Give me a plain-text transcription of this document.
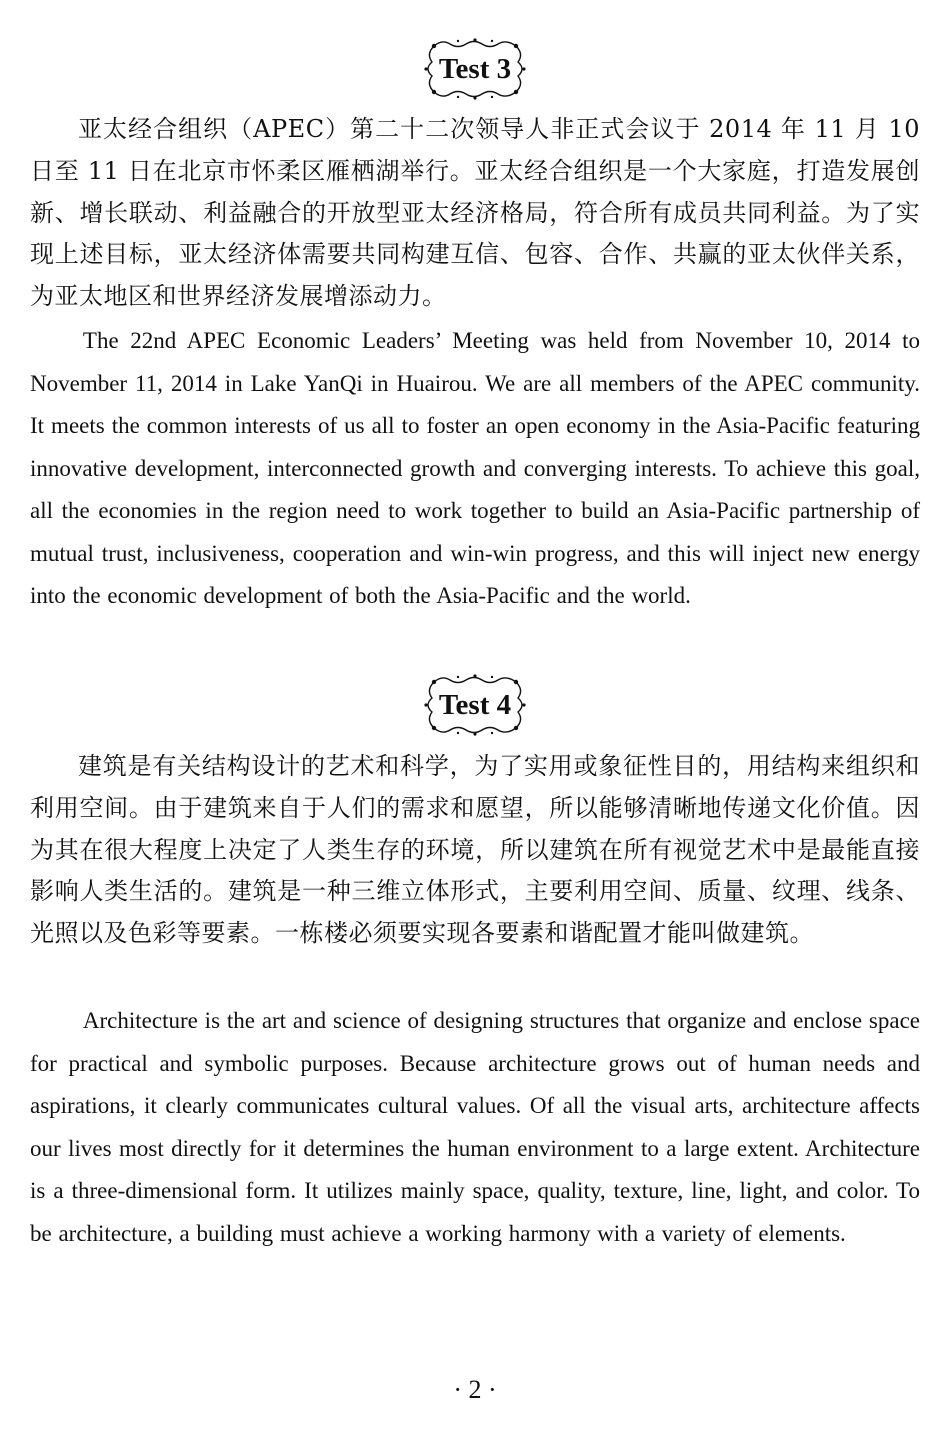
Test 3

亚太经合组织（APEC）第二十二次领导人非正式会议于 2014 年 11 月 10 日至 11 日在北京市怀柔区雁栖湖举行。亚太经合组织是一个大家庭，打造发展创新、增长联动、利益融合的开放型亚太经济格局，符合所有成员共同利益。为了实现上述目标，亚太经济体需要共同构建互信、包容、合作、共赢的亚太伙伴关系，为亚太地区和世界经济发展增添动力。

The 22nd APEC Economic Leaders’ Meeting was held from November 10, 2014 to November 11, 2014 in Lake YanQi in Huairou. We are all members of the APEC community. It meets the common interests of us all to foster an open economy in the Asia-Pacific featuring innovative development, interconnected growth and converging interests. To achieve this goal, all the economies in the region need to work together to build an Asia-Pacific partnership of mutual trust, inclusiveness, cooperation and win-win progress, and this will inject new energy into the economic development of both the Asia-Pacific and the world.

Test 4

建筑是有关结构设计的艺术和科学，为了实用或象征性目的，用结构来组织和利用空间。由于建筑来自于人们的需求和愿望，所以能够清晰地传递文化价值。因为其在很大程度上决定了人类生存的环境，所以建筑在所有视觉艺术中是最能直接影响人类生活的。建筑是一种三维立体形式，主要利用空间、质量、纹理、线条、光照以及色彩等要素。一栋楼必须要实现各要素和谐配置才能叫做建筑。

Architecture is the art and science of designing structures that organize and enclose space for practical and symbolic purposes. Because architecture grows out of human needs and aspirations, it clearly communicates cultural values. Of all the visual arts, architecture affects our lives most directly for it determines the human environment to a large extent. Architecture is a three-dimensional form. It utilizes mainly space, quality, texture, line, light, and color. To be architecture, a building must achieve a working harmony with a variety of elements.

· 2 ·
